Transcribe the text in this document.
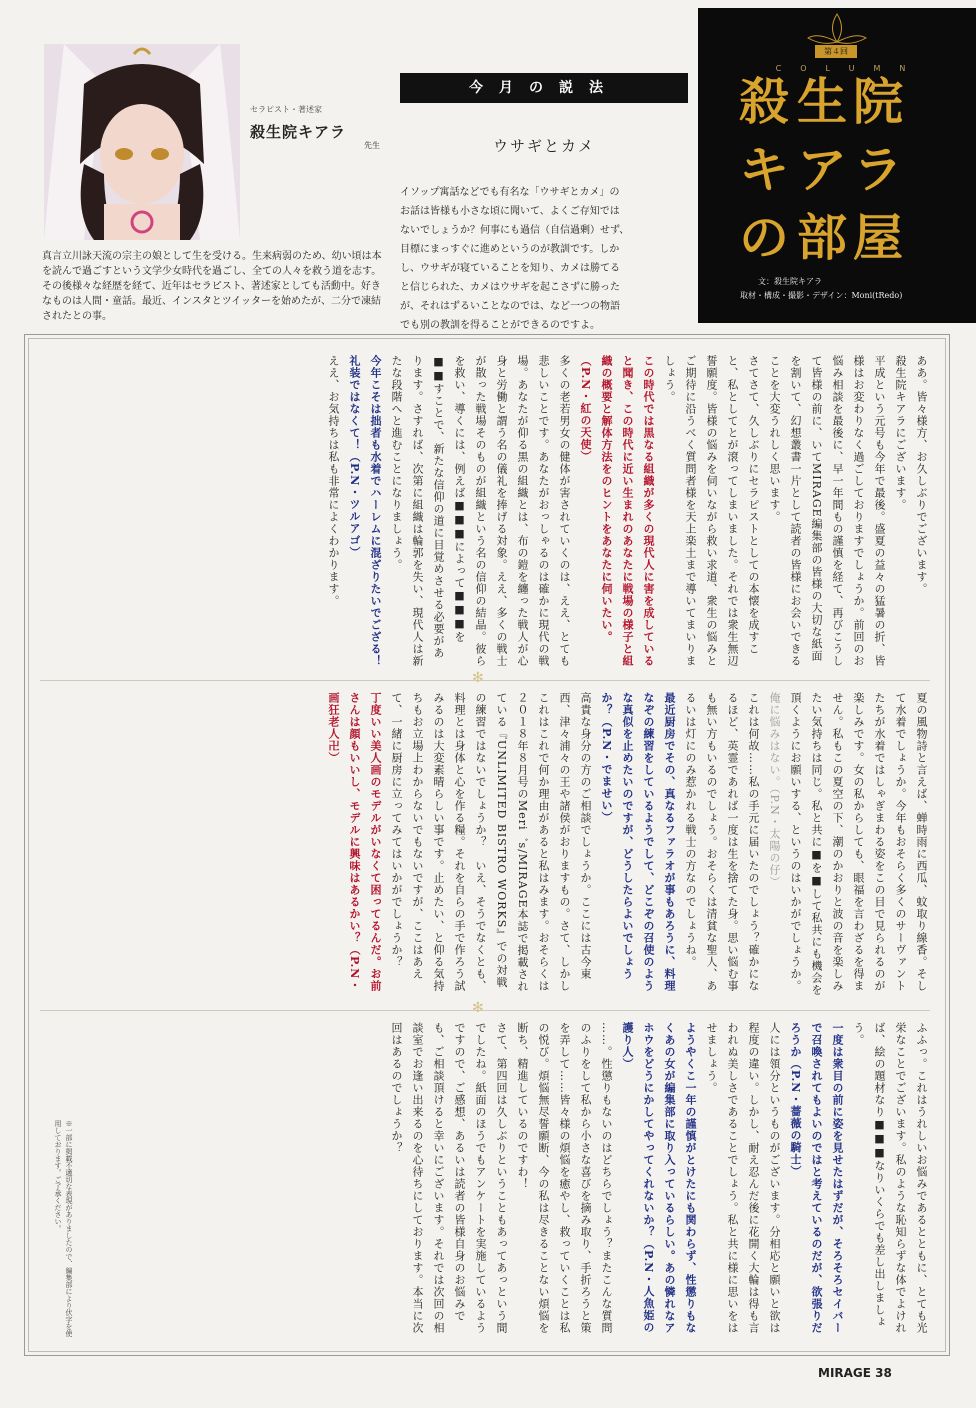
セラピスト・著述家
殺生院キアラ
先生
真言立川詠天流の宗主の娘として生を受ける。生来病弱のため、幼い頃は本を読んで過ごすという文学少女時代を過ごし、全ての人々を救う道を志す。その後様々な経歴を経て、近年はセラピスト、著述家としても活動中。好きなものは人間・童話。最近、インスタとツイッターを始めたが、二分で凍結されたとの事。
今月の説法
ウサギとカメ
イソップ寓話などでも有名な「ウサギとカメ」の
お話は皆様も小さな頃に聞いて、よくご存知では
ないでしょうか？何事にも過信（自信過剰）せず、
目標にまっすぐに進めというのが教訓です。しか
し、ウサギが寝ていることを知り、カメは勝てる
と信じられた、カメはウサギを起こさずに勝った
が、それはずるいことなのでは、など一つの物語
でも別の教訓を得ることができるのですよ。
院
ラ
屋
生
ア
部
殺
キ
の
第４回
COLUMN
文：殺生院キアラ
取材・構成・撮影・デザイン：Moni(tRedo)
✻
✻

ああ。皆々様方、お久しぶりでございます。

殺生院キアラにございます。

平成という元号も今年で最後。盛夏の益々の猛暑の折、皆様はお変わりなく過ごしておりますでしょうか。前回のお悩み相談を最後に、早一年間もの謹慎を経て、再びこうして皆様の前に、いてMIRAGE編集部の皆様の大切な紙面を割いて、幻想叢書一片として読者の皆様にお会いできることを大変うれしく思います。

さてさて、久しぶりにセラピストとしての本懐を成すこと、私としてとが滾ってしまいました。それでは衆生無辺誓願度。皆様の悩みを伺いながら救い求道、衆生の悩みとご期待に沿うべく質問者様を天上楽土まで導いてまいりましょう。

この時代では黒なる組織が多くの現代人に害を成していると聞き、この時代に近い生まれのあなたに戦場の様子と組織の概要と解体方法をのヒントをあなたに伺いたい。（P.N・紅の天使）

多くの老若男女の健体が害されていくのは、ええ、とても悲しいことです。あなたがおっしゃるのは確かに現代の戦場。あなたが仰る黒の組織とは、布の鎧を纏った戦人が心身と労働と謂う名の儀礼を捧げる対象。ええ、多くの戦士が散った戦場そのものが組織という名の信仰の結晶。彼らを救い、導くには、例えば■■■によって■■■を■■すことで、新たな信仰の道に目覚めさせる必要があります。さすれば、次第に組織は輪郭を失い、現代人は新たな段階へと進むことになりましょう。

今年こそは拙者も水着でハーレムに混ざりたいでござる！礼装ではなくて！（P.N・ツルアゴ）

ええ、お気持ちは私も非常によくわかります。

夏の風物詩と言えば、蝉時雨に西瓜、蚊取り線香。そして水着でしょうか。今年もおそらく多くのサーヴァントたちが水着ではしゃぎまわる姿をこの目で見られるのが楽しみです。女の私からしても、眼福を言わざるを得ません。私もこの夏空の下、潮のかおりと波の音を楽しみたい気持ちは同じ。私と共に■を■して私共にも機会を頂くようにお願いする、というのはいかがでしょうか。

俺に悩みはない。（P.N・太陽の仔）

これは何故……私の手元に届いたのでしょう？確かになるほど、英霊であれば一度は生を捨てた身。思い悩む事も無い方もいるのでしょう。おそらくは清貧な聖人、あるいは灯にのみ惹かれる戦士の方なのでしょうね。

最近厨房でその、真なるファラオが事もあろうに、料理なぞの練習をしているようでして、どこぞの召使のような真似を止めたいのですが、どうしたらよいでしょうか？（P.N・でませい）

高貴な身分の方のご相談でしょうか。ここには古今東西、津々浦々の王や諸侯がおりますもの。さて、しかしこれはこれで何か理由があると私はみます。おそらくは２０１８年８月号のMeri゛s/MIRAGE本誌で掲載されている『UNLIMITED BISTRO WORKS』での対戦の練習ではないでしょうか？　いえ、そうでなくとも、料理とは身体と心を作る糧。それを自らの手で作ろう試みるのは大変素晴らしい事です。止めたい、と仰る気持ちもお立場上わからないでもないですが、ここはあえて、一緒に厨房に立ってみてはいかがでしょうか？

丁度いい美人画のモデルがいなくて困ってるんだ。お前さんは顔もいいし、モデルに興味はあるかい？（P.N・画狂老人卍）

ふふっ。これはうれしいお悩みであるとともに、とても光栄なことでございます。私のような恥知らずな体でよければ、絵の題材なり■■■なりいくらでも差し出しましょう。

一度は衆目の前に姿を見せたはずだが、そろそろセイバーで召喚されてもよいのではと考えているのだが、欲張りだろうか（P.N・薔薇の騎士）

人には領分というものがございます。分相応と願いと欲は程度の違い。しかし、耐え忍んだ後に花開く大輪は得も言われぬ美しさであることでしょう。私と共に様に思いをはせましょう。

ようやくこ一年の謹慎がとけたにも関わらず、性懲りもなくあの女が編集部に取り入っているらしい。あの憐れなアホウをどうにかしてやってくれないか？（P.N・人魚姫の護り人）

……。性懲りもないのはどちらでしょう？またこんな質問のふりをして私から小さな喜びを摘み取り、手折ろうと策を弄して……皆々様の煩悩を癒やし、救っていくことは私の悦び。煩悩無尽誓願断、今の私は尽きることない煩悩を断ち、精進しているのですわ！

さて、第四回は久しぶりということもあってあっという間でしたね。紙面のほうでもアンケートを実施しているようですので、ご感想、あるいは読者の皆様自身のお悩みでも、ご相談頂けると幸いにございます。それでは次回の相談室でお逢い出来るのを心待ちにしております。本当に次回はあるのでしょうか？

※一部に掲載不適切な表現がありましたので、編集部により伏字を使用しております。ご了承ください。
MIRAGE 38
